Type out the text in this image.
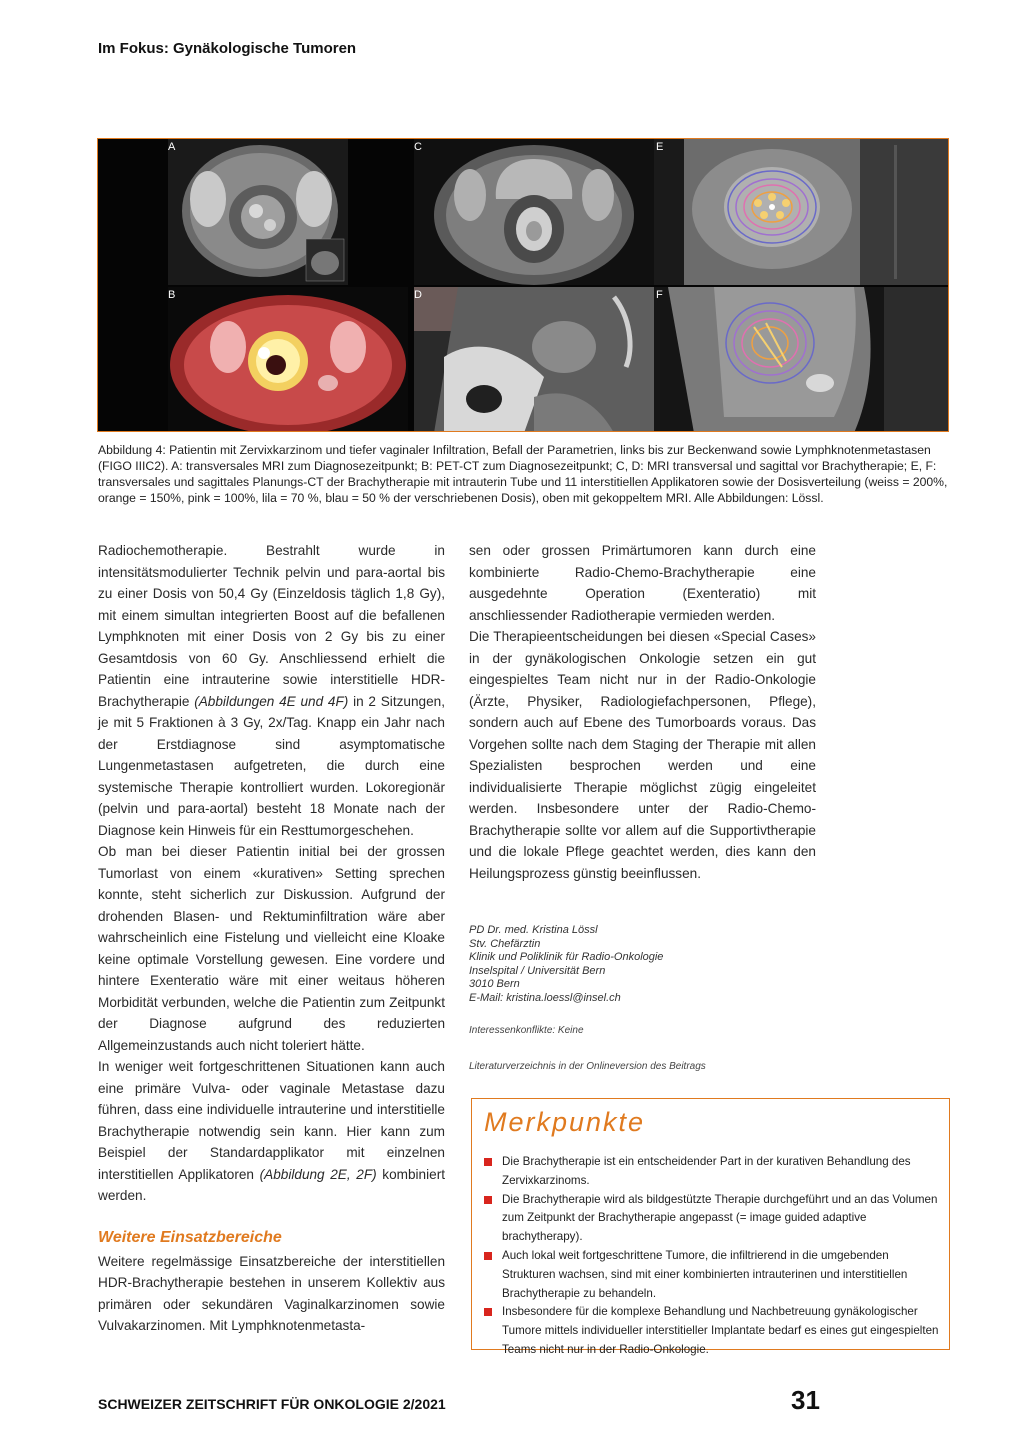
Im Fokus: Gynäkologische Tumoren
A	C	E
B	D	F
Abbildung 4: Patientin mit Zervixkarzinom und tiefer vaginaler Infiltration, Befall der Parametrien, links bis zur Beckenwand sowie Lymphknotenmetastasen (FIGO IIIC2). A: transversales MRI zum Diagnosezeitpunkt; B: PET-CT zum Diagnosezeitpunkt; C, D: MRI transversal und sagittal vor Brachytherapie; E, F: transversales und sagittales Planungs-CT der Brachytherapie mit intrauterin Tube und 11 interstitiellen Applikatoren sowie der Dosisverteilung (weiss = 200%, orange = 150%, pink = 100%, lila = 70 %, blau = 50 % der verschriebenen Dosis), oben mit gekoppeltem MRI. Alle Abbildungen: Lössl.

Radiochemotherapie. Bestrahlt wurde in intensitätsmodulierter Technik pelvin und para-aortal bis zu einer Dosis von 50,4 Gy (Einzeldosis täglich 1,8 Gy), mit einem simultan integrierten Boost auf die befallenen Lymphknoten mit einer Dosis von 2 Gy bis zu einer Gesamtdosis von 60 Gy. Anschliessend erhielt die Patientin eine intrauterine sowie interstitielle HDR-Brachytherapie (Abbildungen 4E und 4F) in 2 Sitzungen, je mit 5 Fraktionen à 3 Gy, 2x/Tag. Knapp ein Jahr nach der Erstdiagnose sind asymptomatische Lungenmetastasen aufgetreten, die durch eine systemische Therapie kontrolliert wurden. Lokoregionär (pelvin und para-aortal) besteht 18 Monate nach der Diagnose kein Hinweis für ein Resttumorgeschehen.

Ob man bei dieser Patientin initial bei der grossen Tumorlast von einem «kurativen» Setting sprechen konnte, steht sicherlich zur Diskussion. Aufgrund der drohenden Blasen- und Rektuminfiltration wäre aber wahrscheinlich eine Fistelung und vielleicht eine Kloake keine optimale Vorstellung gewesen. Eine vordere und hintere Exenteratio wäre mit einer weitaus höheren Morbidität verbunden, welche die Patientin zum Zeitpunkt der Diagnose aufgrund des reduzierten Allgemeinzustands auch nicht toleriert hätte.

In weniger weit fortgeschrittenen Situationen kann auch eine primäre Vulva- oder vaginale Metastase dazu führen, dass eine individuelle intrauterine und interstitielle Brachytherapie notwendig sein kann. Hier kann zum Beispiel der Standardapplikator mit einzelnen interstitiellen Applikatoren (Abbildung 2E, 2F) kombiniert werden.

Weitere Einsatzbereiche

Weitere regelmässige Einsatzbereiche der interstitiellen HDR-Brachytherapie bestehen in unserem Kollektiv aus primären oder sekundären Vaginalkarzinomen sowie Vulvakarzinomen. Mit Lymphknotenmetasta-

sen oder grossen Primärtumoren kann durch eine kombinierte Radio-Chemo-Brachytherapie eine ausgedehnte Operation (Exenteratio) mit anschliessender Radiotherapie vermieden werden.

Die Therapieentscheidungen bei diesen «Special Cases» in der gynäkologischen Onkologie setzen ein gut eingespieltes Team nicht nur in der Radio-Onkologie (Ärzte, Physiker, Radiologiefachpersonen, Pflege), sondern auch auf Ebene des Tumorboards voraus. Das Vorgehen sollte nach dem Staging der Therapie mit allen Spezialisten besprochen werden und eine individualisierte Therapie möglichst zügig eingeleitet werden. Insbesondere unter der Radio-Chemo-Brachytherapie sollte vor allem auf die Supportivtherapie und die lokale Pflege geachtet werden, dies kann den Heilungsprozess günstig beeinflussen.

PD Dr. med. Kristina Lössl
Stv. Chefärztin
Klinik und Poliklinik für Radio-Onkologie
Inselspital / Universität Bern
3010 Bern
E-Mail: kristina.loessl@insel.ch
Interessenkonflikte: Keine
Literaturverzeichnis in der Onlineversion des Beitrags
Merkpunkte
Die Brachytherapie ist ein entscheidender Part in der kurativen Behandlung des Zervixkarzinoms.
Die Brachytherapie wird als bildgestützte Therapie durchgeführt und an das Volumen zum Zeitpunkt der Brachytherapie angepasst (= image guided adaptive brachytherapy).
Auch lokal weit fortgeschrittene Tumore, die infiltrierend in die umgebenden Strukturen wachsen, sind mit einer kombinierten intrauterinen und interstitiellen Brachytherapie zu behandeln.
Insbesondere für die komplexe Behandlung und Nachbetreuung gynäkologischer Tumore mittels individueller interstitieller Implantate bedarf es eines gut eingespielten Teams nicht nur in der Radio-Onkologie.
SCHWEIZER ZEITSCHRIFT FÜR ONKOLOGIE 2/2021	31
